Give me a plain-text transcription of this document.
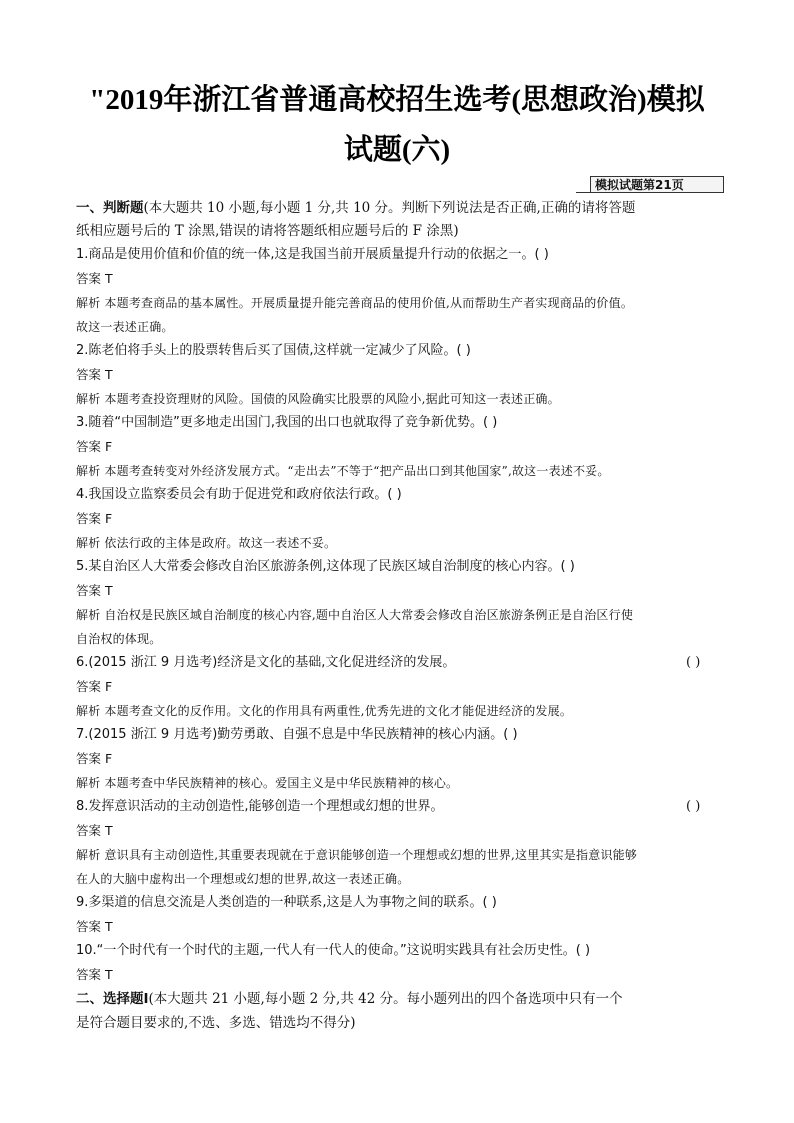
"2019年浙江省普通高校招生选考(思想政治)模拟
试题(六)
模拟试题第21页
一、判断题(本大题共 10 小题,每小题 1 分,共 10 分。判断下列说法是否正确,正确的请将答题
纸相应题号后的 T 涂黑,错误的请将答题纸相应题号后的 F 涂黑)
1.商品是使用价值和价值的统一体,这是我国当前开展质量提升行动的依据之一。( )
答案 T
解析 本题考查商品的基本属性。开展质量提升能完善商品的使用价值,从而帮助生产者实现商品的价值。
故这一表述正确。
2.陈老伯将手头上的股票转售后买了国债,这样就一定减少了风险。( )
答案 T
解析 本题考查投资理财的风险。国债的风险确实比股票的风险小,据此可知这一表述正确。
3.随着“中国制造”更多地走出国门,我国的出口也就取得了竞争新优势。( )
答案 F
解析 本题考查转变对外经济发展方式。“走出去”不等于“把产品出口到其他国家”,故这一表述不妥。
4.我国设立监察委员会有助于促进党和政府依法行政。( )
答案 F
解析 依法行政的主体是政府。故这一表述不妥。
5.某自治区人大常委会修改自治区旅游条例,这体现了民族区域自治制度的核心内容。( )
答案 T
解析 自治权是民族区域自治制度的核心内容,题中自治区人大常委会修改自治区旅游条例正是自治区行使
自治权的体现。
6.(2015 浙江 9 月选考)经济是文化的基础,文化促进经济的发展。	( )
答案 F
解析 本题考查文化的反作用。文化的作用具有两重性,优秀先进的文化才能促进经济的发展。
7.(2015 浙江 9 月选考)勤劳勇敢、自强不息是中华民族精神的核心内涵。( )
答案 F
解析 本题考查中华民族精神的核心。爱国主义是中华民族精神的核心。
8.发挥意识活动的主动创造性,能够创造一个理想或幻想的世界。	( )
答案 T
解析 意识具有主动创造性,其重要表现就在于意识能够创造一个理想或幻想的世界,这里其实是指意识能够
在人的大脑中虚构出一个理想或幻想的世界,故这一表述正确。
9.多渠道的信息交流是人类创造的一种联系,这是人为事物之间的联系。( )
答案 T
10.“一个时代有一个时代的主题,一代人有一代人的使命。”这说明实践具有社会历史性。( )
答案 T
二、选择题Ⅰ(本大题共 21 小题,每小题 2 分,共 42 分。每小题列出的四个备选项中只有一个
是符合题目要求的,不选、多选、错选均不得分)
